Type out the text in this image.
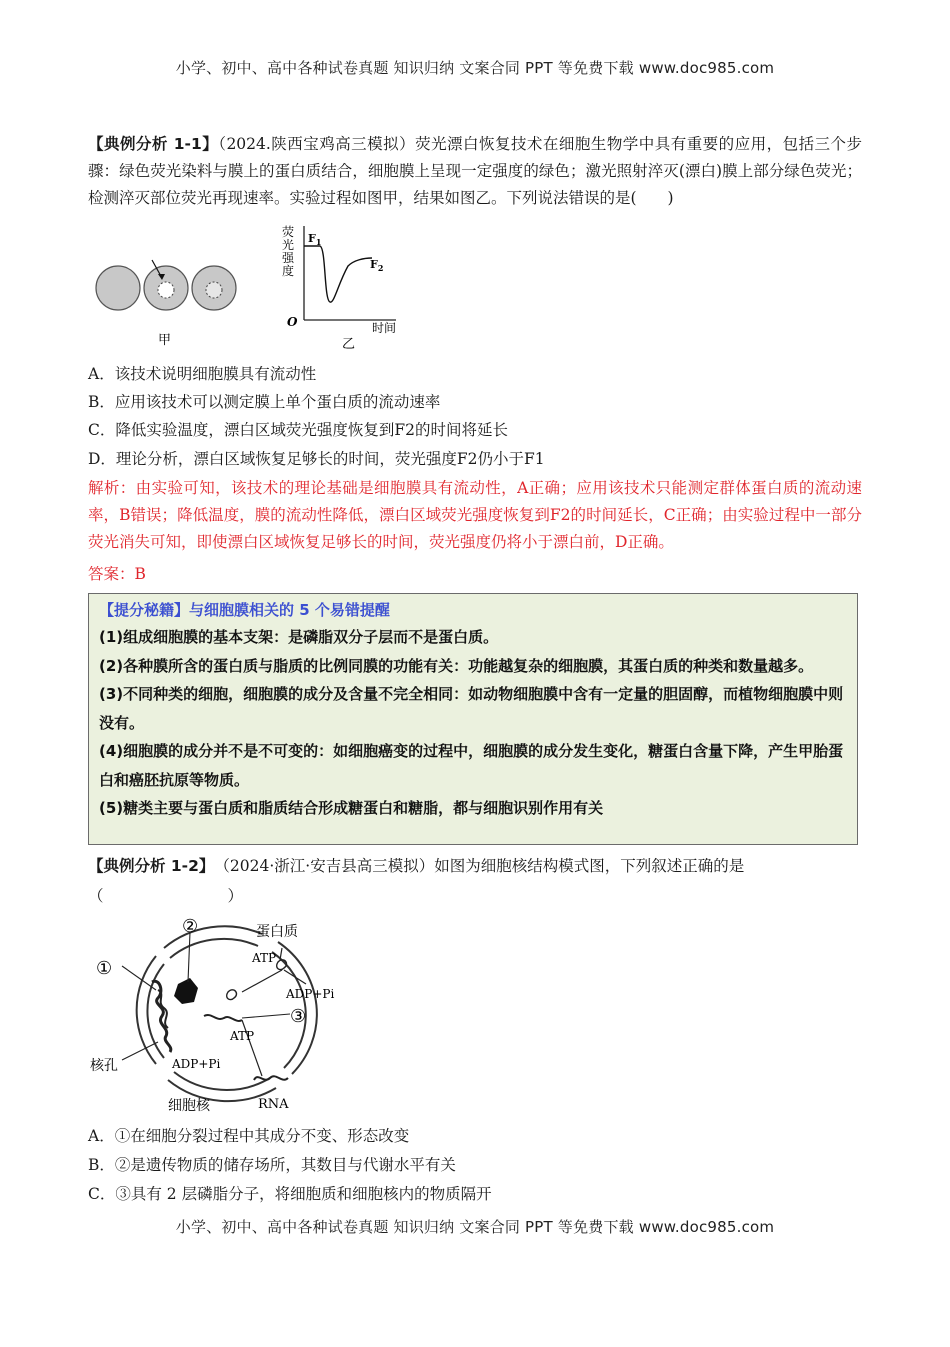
小学、初中、高中各种试卷真题 知识归纳 文案合同 PPT 等免费下载 www.doc985.com
【典例分析 1-1】（2024.陕西宝鸡高三模拟）荧光漂白恢复技术在细胞生物学中具有重要的应用，包括三个步骤：绿色荧光染料与膜上的蛋白质结合，细胞膜上呈现一定强度的绿色；激光照射淬灭(漂白)膜上部分绿色荧光；检测淬灭部位荧光再现速率。实验过程如图甲，结果如图乙。下列说法错误的是(　　)
甲
荧 光 强 度
O	时间
$F_1$
$F_2$
乙
A．该技术说明细胞膜具有流动性
B．应用该技术可以测定膜上单个蛋白质的流动速率
C．降低实验温度，漂白区域荧光强度恢复到F2的时间将延长
D．理论分析，漂白区域恢复足够长的时间，荧光强度F2仍小于F1
解析：由实验可知，该技术的理论基础是细胞膜具有流动性，A正确；应用该技术只能测定群体蛋白质的流动速率，B错误；降低温度，膜的流动性降低，漂白区域荧光强度恢复到F2的时间延长，C正确；由实验过程中一部分荧光消失可知，即使漂白区域恢复足够长的时间，荧光强度仍将小于漂白前，D正确。
答案：B
【提分秘籍】与细胞膜相关的 5 个易错提醒
(1)组成细胞膜的基本支架：是磷脂双分子层而不是蛋白质。
(2)各种膜所含的蛋白质与脂质的比例同膜的功能有关：功能越复杂的细胞膜，其蛋白质的种类和数量越多。
(3)不同种类的细胞，细胞膜的成分及含量不完全相同：如动物细胞膜中含有一定量的胆固醇，而植物细胞膜中则没有。
(4)细胞膜的成分并不是不可变的：如细胞癌变的过程中，细胞膜的成分发生变化，糖蛋白含量下降，产生甲胎蛋白和癌胚抗原等物质。
(5)糖类主要与蛋白质和脂质结合形成糖蛋白和糖脂，都与细胞识别作用有关
【典例分析 1-2】　（2024·浙江·安吉县高三模拟）如图为细胞核结构模式图，下列叙述正确的是
（　　　　　　　　）
①
②
③
蛋白质
ATP
ADP+Pi
ATP
ADP+Pi
核孔
细胞核	RNA
A．①在细胞分裂过程中其成分不变、形态改变
B．②是遗传物质的储存场所，其数目与代谢水平有关
C．③具有 2 层磷脂分子，将细胞质和细胞核内的物质隔开
小学、初中、高中各种试卷真题 知识归纳 文案合同 PPT 等免费下载 www.doc985.com
